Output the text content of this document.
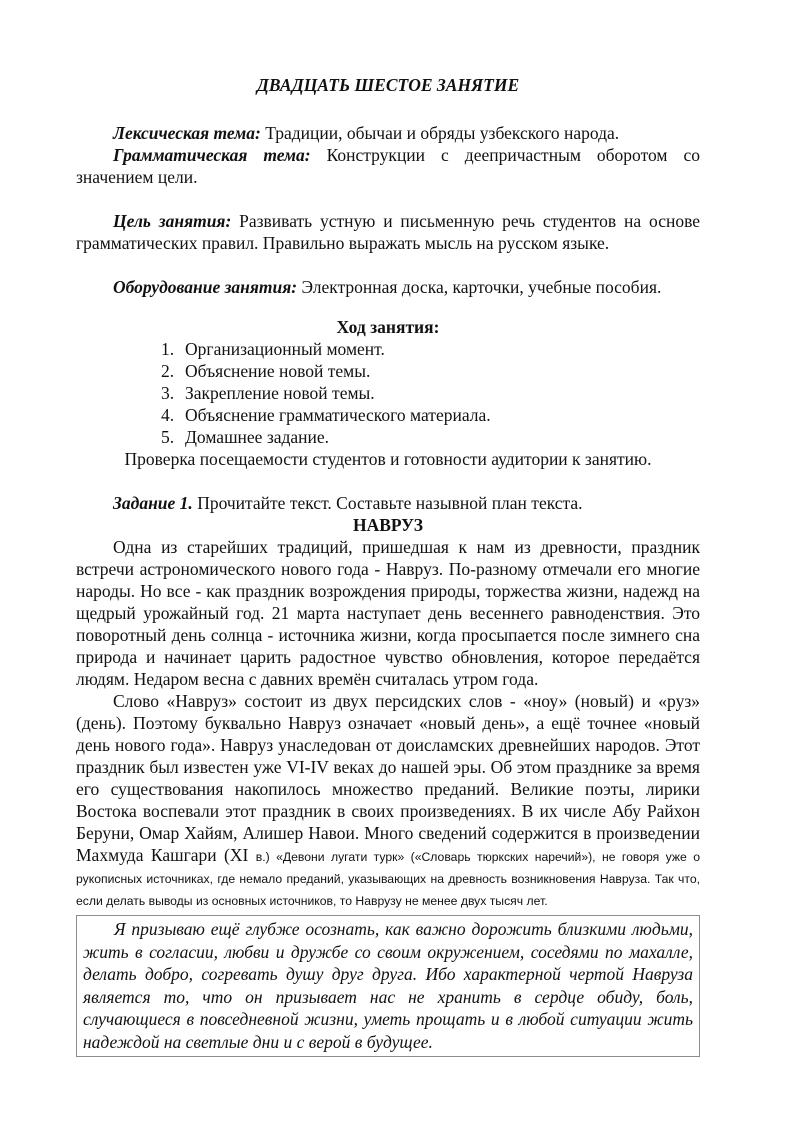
ДВАДЦАТЬ ШЕСТОЕ ЗАНЯТИЕ

Лексическая тема: Традиции, обычаи и обряды узбекского народа.

Грамматическая тема: Конструкции с деепричастным оборотом со значением цели.

Цель занятия: Развивать устную и письменную речь студентов на основе грамматических правил. Правильно выражать мысль на русском языке.

Оборудование занятия: Электронная доска, карточки, учебные пособия.

Ход занятия:

1. Организационный момент.
2. Объяснение новой темы.
3. Закрепление новой темы.
4. Объяснение грамматического материала.
5. Домашнее задание.

Проверка посещаемости студентов и готовности аудитории к занятию.

Задание 1. Прочитайте текст. Составьте назывной план текста.

НАВРУЗ

Одна из старейших традиций, пришедшая к нам из древности, праздник встречи астрономического нового года - Навруз. По-разному отмечали его многие народы. Но все - как праздник возрождения природы, торжества жизни, надежд на щедрый урожайный год. 21 марта наступает день весеннего равноденствия. Это поворотный день солнца - источника жизни, когда просыпается после зимнего сна природа и начинает царить радостное чувство обновления, которое передаётся людям. Недаром весна с давних времён считалась утром года.

Слово «Навруз» состоит из двух персидских слов - «ноу» (новый) и «руз» (день). Поэтому буквально Навруз означает «новый день», а ещё точнее «новый день нового года». Навруз унаследован от доисламских древнейших народов. Этот праздник был известен уже VI-IV веках до нашей эры. Об этом празднике за время его существования накопилось множество преданий. Великие поэты, лирики Востока воспевали этот праздник в своих произведениях. В их числе Абу Райхон Беруни, Омар Хайям, Алишер Навои. Много сведений содержится в произведении Махмуда Кашгари (XI в.) «Девони лугати турк» («Словарь тюркских наречий»), не говоря уже о рукописных источниках, где немало преданий, указывающих на древность возникновения Навруза. Так что, если делать выводы из основных источников, то Наврузу не менее двух тысяч лет.

Я призываю ещё глубже осознать, как важно дорожить близкими людьми, жить в согласии, любви и дружбе со своим окружением, соседями по махалле, делать добро, согревать душу друг друга. Ибо характерной чертой Навруза является то, что он призывает нас не хранить в сердце обиду, боль, случающиеся в повседневной жизни, уметь прощать и в любой ситуации жить надеждой на светлые дни и с верой в будущее.
